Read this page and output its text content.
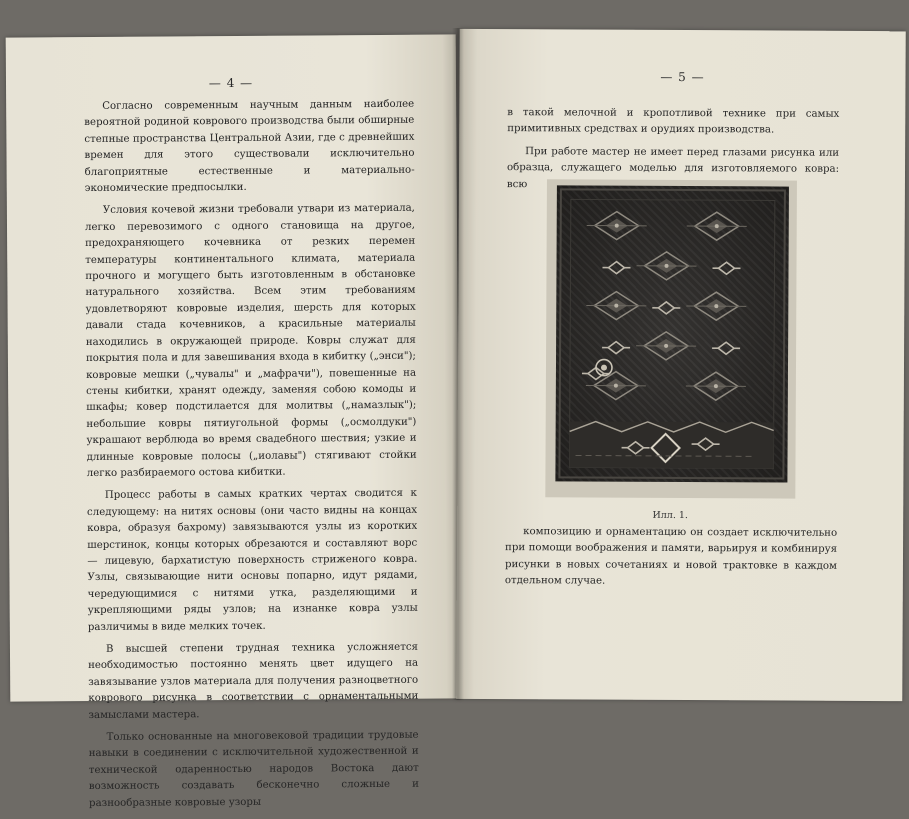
— 4 —

Согласно современным научным данным наиболее вероятной родиной коврового производства были обширные степные пространства Центральной Азии, где с древнейших времен для этого существовали исключительно благоприятные естественные и материально-экономические предпосылки.

Условия кочевой жизни требовали утвари из материала, легко перевозимого с одного становища на другое, предохраняющего кочевника от резких перемен температуры континентального климата, материала прочного и могущего быть изготовленным в обстановке натурального хозяйства. Всем этим требованиям удовлетворяют ковровые изделия, шерсть для которых давали стада кочевников, а красильные материалы находились в окружающей природе. Ковры служат для покрытия пола и для завешивания входа в кибитку („энси"); ковровые мешки („чувалы" и „мафрачи"), повешенные на стены кибитки, хранят одежду, заменяя собою комоды и шкафы; ковер подстилается для молитвы („намазлык"); небольшие ковры пятиугольной формы („осмолдуки") украшают верблюда во время свадебного шествия; узкие и длинные ковровые полосы („иолавы") стягивают стойки легко разбираемого остова кибитки.

Процесс работы в самых кратких чертах сводится к следующему: на нитях основы (они часто видны на концах ковра, образуя бахрому) завязываются узлы из коротких шерстинок, концы которых обрезаются и составляют ворс — лицевую, бархатистую поверхность стриженого ковра. Узлы, связывающие нити основы попарно, идут рядами, чередующимися с нитями утка, разделяющими и укрепляющими ряды узлов; на изнанке ковра узлы различимы в виде мелких точек.

В высшей степени трудная техника усложняется необходимостью постоянно менять цвет идущего на завязывание узлов материала для получения разноцветного коврового рисунка в соответствии с орнаментальными замыслами мастера.

Только основанные на многовековой традиции трудовые навыки в соединении с исключительной художественной и технической одаренностью народов Востока дают возможность создавать бесконечно сложные и разнообразные ковровые узоры

— 5 —

в такой мелочной и кропотливой технике при самых примитивных средствах и орудиях производства.

При работе мастер не имеет перед глазами рисунка или образца, служащего моделью для изготовляемого ковра: всю

Илл. 1.

композицию и орнаментацию он создает исключительно при помощи воображения и памяти, варьируя и комбинируя рисунки в новых сочетаниях и новой трактовке в каждом отдельном случае.
